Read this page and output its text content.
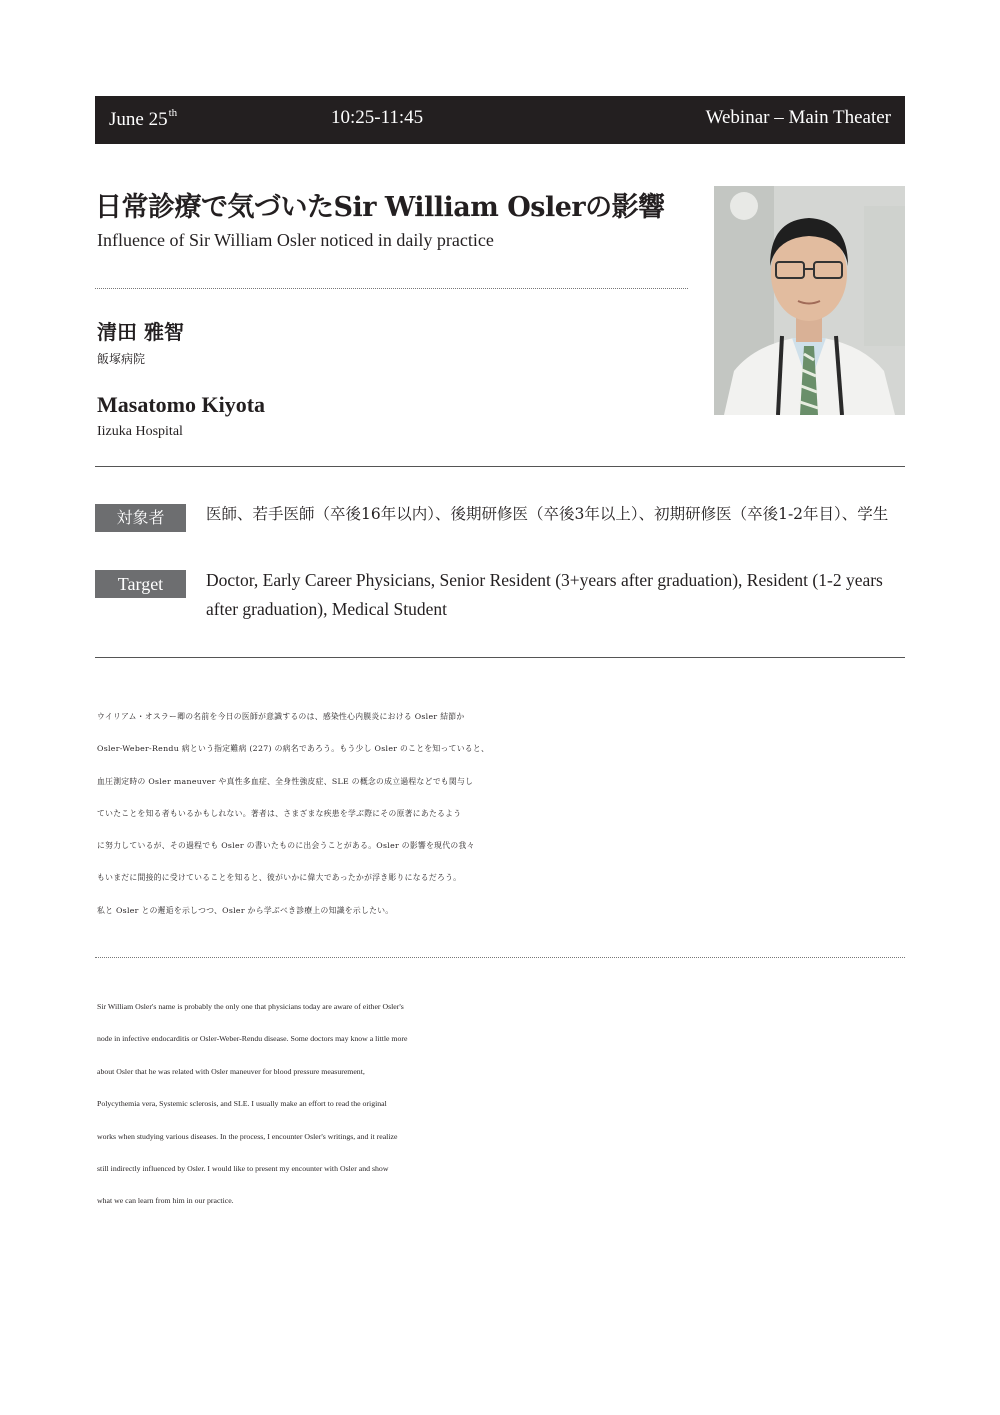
June 25th	10:25-11:45	Webinar – Main Theater
日常診療で気づいたSir William Oslerの影響
Influence of Sir William Osler noticed in daily practice
清田 雅智
飯塚病院
Masatomo Kiyota
Iizuka Hospital
対象者	医師、若手医師（卒後16年以内）、後期研修医（卒後3年以上）、初期研修医（卒後1-2年目）、学生
Target	Doctor, Early Career Physicians, Senior Resident (3+years after graduation), Resident (1-2 years after graduation), Medical Student
ウイリアム・オスラー卿の名前を今日の医師が意識するのは、感染性心内膜炎における Osler 結節か
Osler-Weber-Rendu 病という指定難病 (227) の病名であろう。もう少し Osler のことを知っていると、
血圧測定時の Osler maneuver や真性多血症、全身性強皮症、SLE の概念の成立過程などでも関与し
ていたことを知る者もいるかもしれない。著者は、さまざまな疾患を学ぶ際にその原著にあたるよう
に努力しているが、その過程でも Osler の書いたものに出会うことがある。Osler の影響を現代の我々
もいまだに間接的に受けていることを知ると、彼がいかに偉大であったかが浮き彫りになるだろう。
私と Osler との邂逅を示しつつ、Osler から学ぶべき診療上の知識を示したい。
Sir William Osler's name is probably the only one that physicians today are aware of either Osler's
node in infective endocarditis or Osler-Weber-Rendu disease. Some doctors may know a little more
about Osler that he was related with Osler maneuver for blood pressure measurement,
Polycythemia vera, Systemic sclerosis, and SLE. I usually make an effort to read the original
works when studying various diseases. In the process, I encounter Osler's writings, and it realize
still indirectly influenced by Osler. I would like to present my encounter with Osler and show
what we can learn from him in our practice.
